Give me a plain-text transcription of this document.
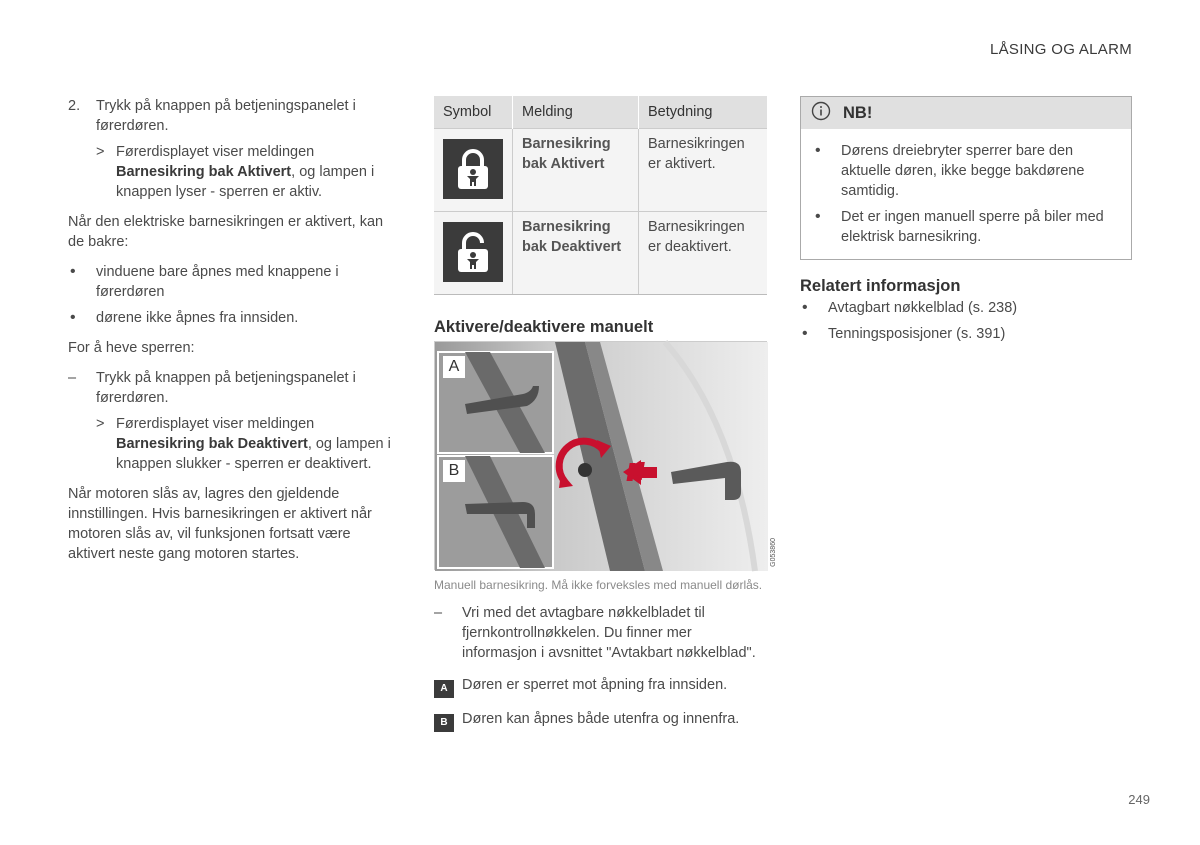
LÅSING OG ALARM
2. Trykk på knappen på betjeningspanelet i førerdøren.
> Førerdisplayet viser meldingen Barnesikring bak Aktivert, og lampen i knappen lyser - sperren er aktiv.

Når den elektriske barnesikringen er aktivert, kan de bakre:

• vinduene bare åpnes med knappene i førerdøren
• dørene ikke åpnes fra innsiden.

For å heve sperren:

– Trykk på knappen på betjeningspanelet i førerdøren.
> Førerdisplayet viser meldingen Barnesikring bak Deaktivert, og lampen i knappen slukker - sperren er deaktivert.

Når motoren slås av, lagres den gjeldende innstillingen. Hvis barnesikringen er aktivert når motoren slås av, vil funksjonen fortsatt være aktivert neste gang motoren startes.

Symbol	Melding	Betydning

	Barnesikring bak Aktivert	Barnesikringen er aktivert.

	Barnesikring bak Deaktivert	Barnesikringen er deaktivert.
Aktivere/deaktivere manuelt
A
B
G053860
Manuell barnesikring. Må ikke forveksles med manuell dørlås.
– Vri med det avtagbare nøkkelbladet til fjernkontrollnøkkelen. Du finner mer informasjon i avsnittet "Avtakbart nøkkelblad".
A Døren er sperret mot åpning fra innsiden.
B Døren kan åpnes både utenfra og innenfra.
NB!
• Dørens dreiebryter sperrer bare den aktuelle døren, ikke begge bakdørene samtidig.
• Det er ingen manuell sperre på biler med elektrisk barnesikring.
Relatert informasjon
• Avtagbart nøkkelblad (s. 238)
• Tenningsposisjoner (s. 391)
249
